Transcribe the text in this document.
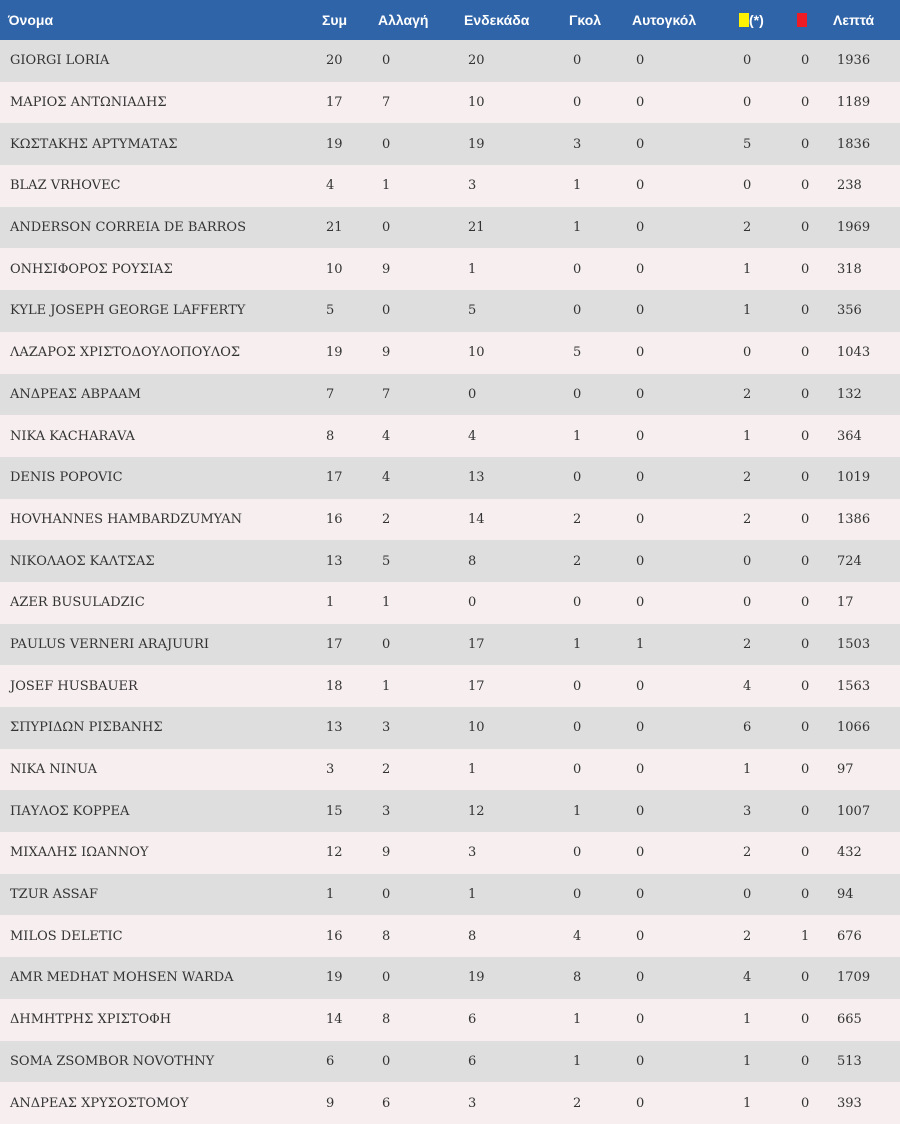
Όνομα	Συμ	Αλλαγή	Ενδεκάδα	Γκολ	Αυτογκόλ	(*)		Λεπτά
GIORGI LORIA	20	0	20	0	0	0	0	1936
ΜΑΡΙΟΣ ΑΝΤΩΝΙΑΔΗΣ	17	7	10	0	0	0	0	1189
ΚΩΣΤΑΚΗΣ ΑΡΤΥΜΑΤΑΣ	19	0	19	3	0	5	0	1836
BLAZ VRHOVEC	4	1	3	1	0	0	0	238
ANDERSON CORREIA DE BARROS	21	0	21	1	0	2	0	1969
ΟΝΗΣΙΦΟΡΟΣ ΡΟΥΣΙΑΣ	10	9	1	0	0	1	0	318
KYLE JOSEPH GEORGE LAFFERTY	5	0	5	0	0	1	0	356
ΛΑΖΑΡΟΣ ΧΡΙΣΤΟΔΟΥΛΟΠΟΥΛΟΣ	19	9	10	5	0	0	0	1043
ΑΝΔΡΕΑΣ ΑΒΡΑΑΜ	7	7	0	0	0	2	0	132
NIKA KACHARAVA	8	4	4	1	0	1	0	364
DENIS POPOVIC	17	4	13	0	0	2	0	1019
HOVHANNES HAMBARDZUMYAN	16	2	14	2	0	2	0	1386
ΝΙΚΟΛΑΟΣ ΚΑΛΤΣΑΣ	13	5	8	2	0	0	0	724
AZER BUSULADZIC	1	1	0	0	0	0	0	17
PAULUS VERNERI ARAJUURI	17	0	17	1	1	2	0	1503
JOSEF HUSBAUER	18	1	17	0	0	4	0	1563
ΣΠΥΡΙΔΩΝ ΡΙΣΒΑΝΗΣ	13	3	10	0	0	6	0	1066
NIKA NINUA	3	2	1	0	0	1	0	97
ΠΑΥΛΟΣ ΚΟΡΡΕΑ	15	3	12	1	0	3	0	1007
ΜΙΧΑΛΗΣ ΙΩΑΝΝΟΥ	12	9	3	0	0	2	0	432
TZUR ASSAF	1	0	1	0	0	0	0	94
MILOS DELETIC	16	8	8	4	0	2	1	676
AMR MEDHAT MOHSEN WARDA	19	0	19	8	0	4	0	1709
ΔΗΜΗΤΡΗΣ ΧΡΙΣΤΟΦΗ	14	8	6	1	0	1	0	665
SOMA ZSOMBOR NOVOTHNY	6	0	6	1	0	1	0	513
ΑΝΔΡΕΑΣ ΧΡΥΣΟΣΤΟΜΟΥ	9	6	3	2	0	1	0	393
